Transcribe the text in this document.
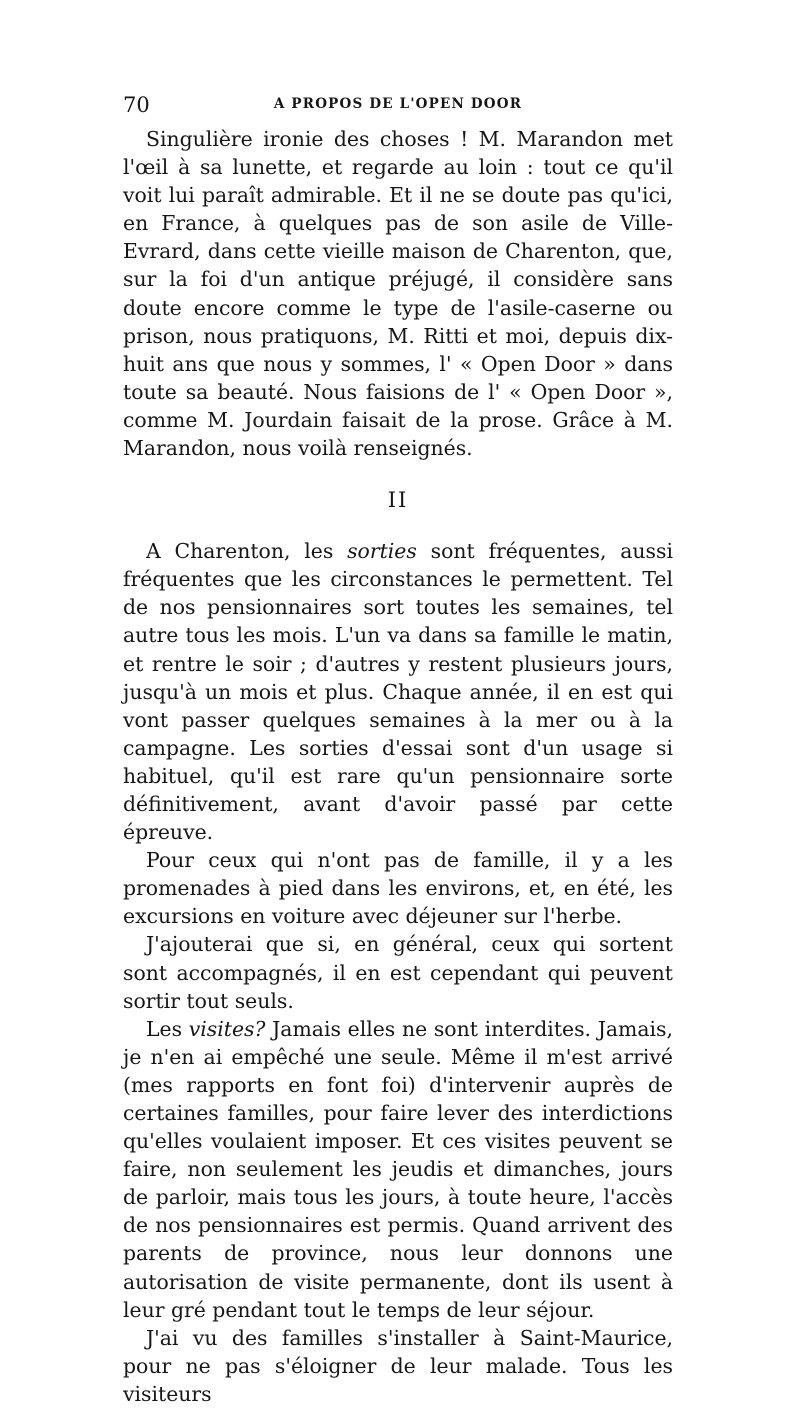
70	A PROPOS DE L'OPEN DOOR

Singulière ironie des choses ! M. Marandon met l'œil à sa lunette, et regarde au loin : tout ce qu'il voit lui paraît admirable. Et il ne se doute pas qu'ici, en France, à quelques pas de son asile de Ville-Evrard, dans cette vieille maison de Charenton, que, sur la foi d'un antique préjugé, il considère sans doute encore comme le type de l'asile-caserne ou prison, nous pratiquons, M. Ritti et moi, depuis dix-huit ans que nous y sommes, l' « Open Door » dans toute sa beauté. Nous faisions de l' « Open Door », comme M. Jourdain faisait de la prose. Grâce à M. Marandon, nous voilà renseignés.

II

A Charenton, les sorties sont fréquentes, aussi fréquentes que les circonstances le permettent. Tel de nos pensionnaires sort toutes les semaines, tel autre tous les mois. L'un va dans sa famille le matin, et rentre le soir ; d'autres y restent plusieurs jours, jusqu'à un mois et plus. Chaque année, il en est qui vont passer quelques semaines à la mer ou à la campagne. Les sorties d'essai sont d'un usage si habituel, qu'il est rare qu'un pensionnaire sorte définitivement, avant d'avoir passé par cette épreuve.

Pour ceux qui n'ont pas de famille, il y a les promenades à pied dans les environs, et, en été, les excursions en voiture avec déjeuner sur l'herbe.

J'ajouterai que si, en général, ceux qui sortent sont accompagnés, il en est cependant qui peuvent sortir tout seuls.

Les visites? Jamais elles ne sont interdites. Jamais, je n'en ai empêché une seule. Même il m'est arrivé (mes rapports en font foi) d'intervenir auprès de certaines familles, pour faire lever des interdictions qu'elles voulaient imposer. Et ces visites peuvent se faire, non seulement les jeudis et dimanches, jours de parloir, mais tous les jours, à toute heure, l'accès de nos pensionnaires est permis. Quand arrivent des parents de province, nous leur donnons une autorisation de visite permanente, dont ils usent à leur gré pendant tout le temps de leur séjour.

J'ai vu des familles s'installer à Saint-Maurice, pour ne pas s'éloigner de leur malade. Tous les visiteurs
